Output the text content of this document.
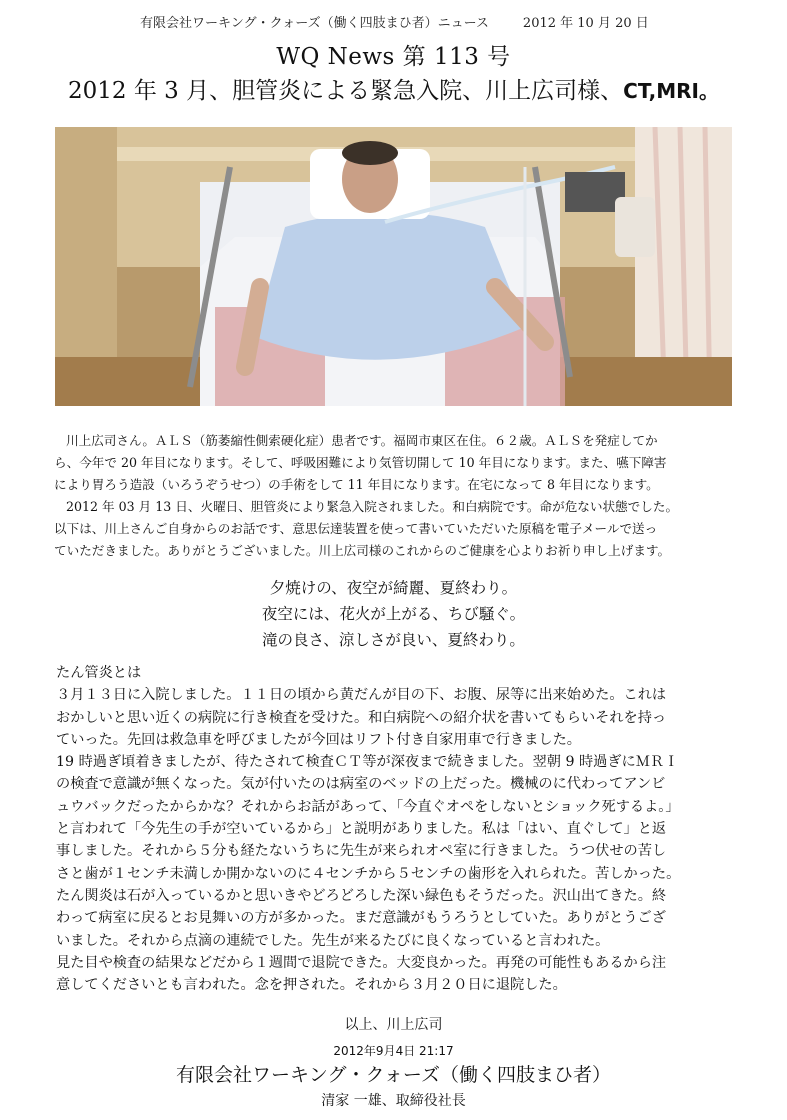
有限会社ワーキング・クォーズ（働く四肢まひ者）ニュース	2012 年 10 月 20 日
WQ News 第 113 号
2012 年 3 月、胆管炎による緊急入院、川上広司様、CT,MRI。

川上広司さん。ＡＬＳ（筋萎縮性側索硬化症）患者です。福岡市東区在住。６２歳。ＡＬＳを発症してか

ら、今年で 20 年目になります。そして、呼吸困難により気管切開して 10 年目になります。また、嚥下障害

により胃ろう造設（いろうぞうせつ）の手術をして 11 年目になります。在宅になって 8 年目になります。

2012 年 03 月 13 日、火曜日、胆管炎により緊急入院されました。和白病院です。命が危ない状態でした。

以下は、川上さんご自身からのお話です、意思伝達装置を使って書いていただいた原稿を電子メールで送っ

ていただきました。ありがとうございました。川上広司様のこれからのご健康を心よりお祈り申し上げます。

夕焼けの、夜空が綺麗、夏終わり。

夜空には、花火が上がる、ちび騒ぐ。

滝の良さ、涼しさが良い、夏終わり。

たん管炎とは

３月１３日に入院しました。１１日の頃から黄だんが目の下、お腹、尿等に出来始めた。これは

おかしいと思い近くの病院に行き検査を受けた。和白病院への紹介状を書いてもらいそれを持っ

ていった。先回は救急車を呼びましたが今回はリフト付き自家用車で行きました。

19 時過ぎ頃着きましたが、待たされて検査ＣＴ等が深夜まで続きました。翌朝 9 時過ぎにＭＲＩ

の検査で意識が無くなった。気が付いたのは病室のベッドの上だった。機械のに代わってアンビ

ュウバックだったからかな？それからお話があって、｢今直ぐオペをしないとショック死するよ。｣

と言われて「今先生の手が空いているから」と説明がありました。私は「はい、直ぐして」と返

事しました。それから５分も経たないうちに先生が来られオペ室に行きました。うつ伏せの苦し

さと歯が１センチ未満しか開かないのに４センチから５センチの歯形を入れられた。苦しかった。

たん関炎は石が入っているかと思いきやどろどろした深い緑色もそうだった。沢山出てきた。終

わって病室に戻るとお見舞いの方が多かった。まだ意識がもうろうとしていた。ありがとうござ

いました。それから点滴の連続でした。先生が来るたびに良くなっていると言われた。

見た目や検査の結果などだから１週間で退院できた。大変良かった。再発の可能性もあるから注

意してくださいとも言われた。念を押された。それから３月２０日に退院した。

以上、川上広司
2012年9月4日 21:17
有限会社ワーキング・クォーズ（働く四肢まひ者）
清家 一雄、取締役社長
